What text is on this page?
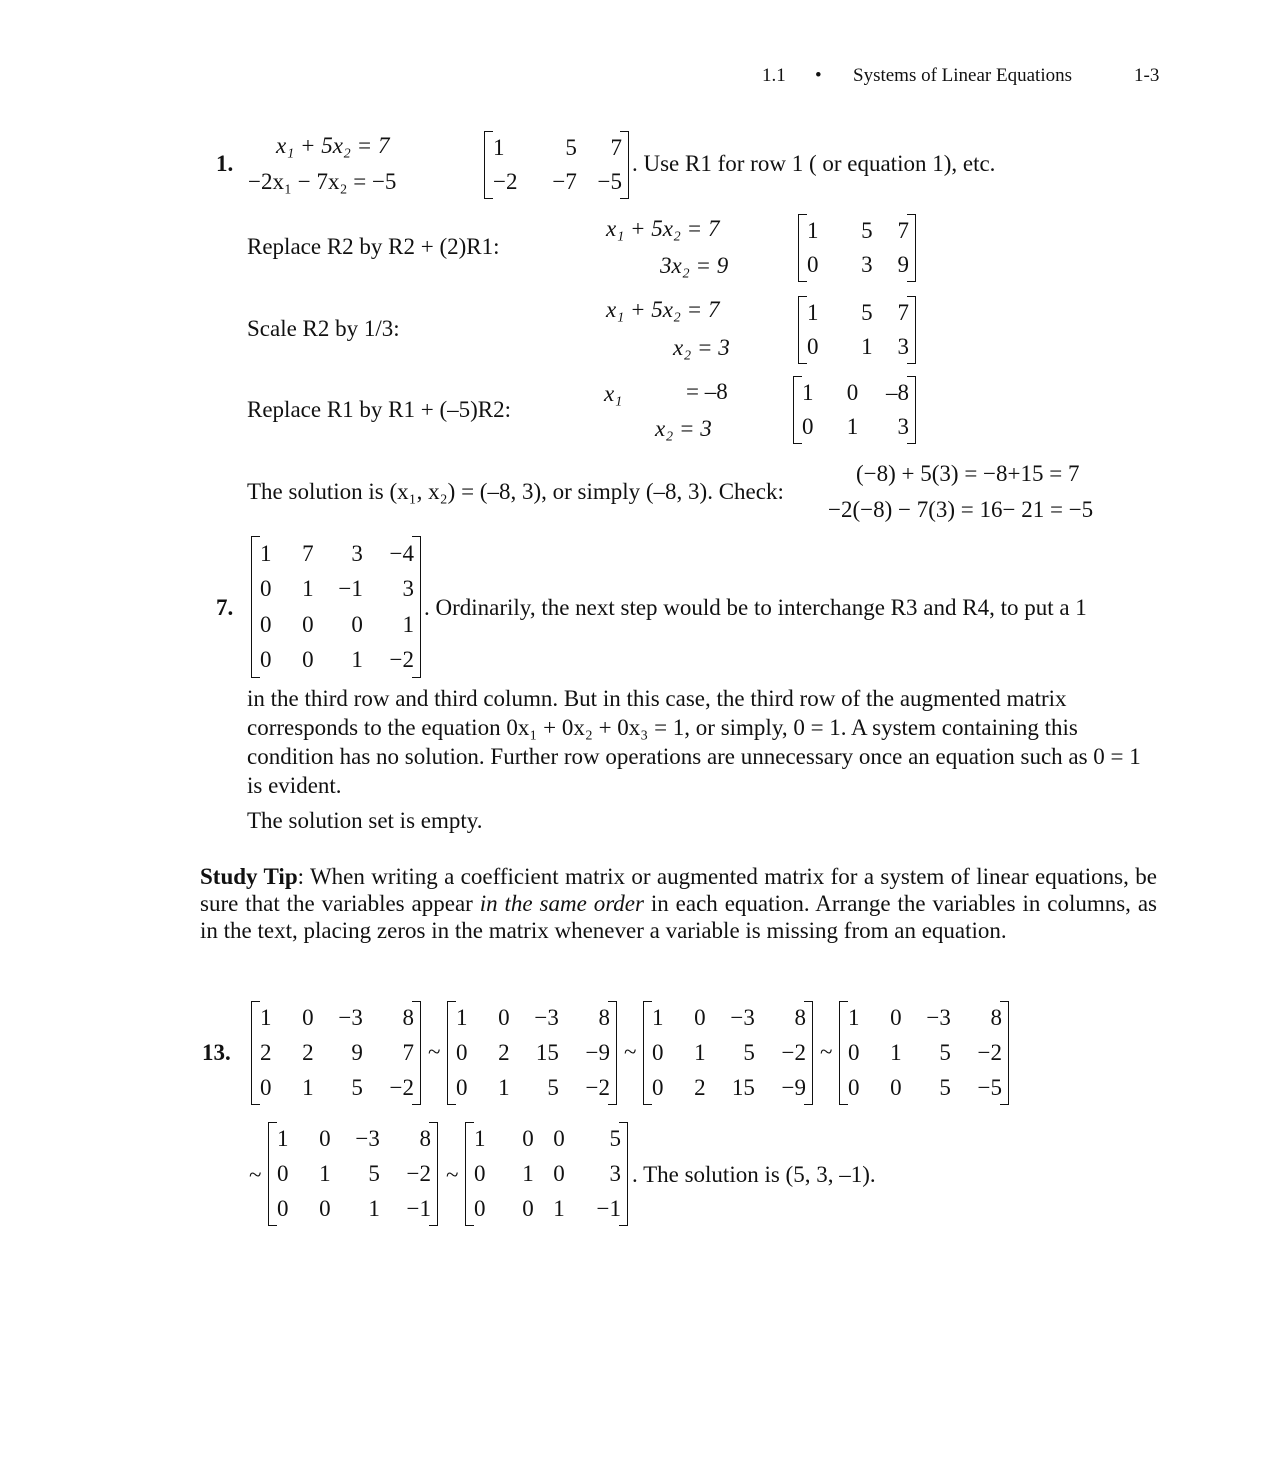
1.1 • Systems of Linear Equations	1-3
1.
x₁ + 5x₂ = 7
−2x₁ − 7x₂ = −5
1	5	7
−2	−7	−5
. Use R1 for row 1 ( or equation 1), etc.
Replace R2 by R2 + (2)R1:
x₁ + 5x₂ = 7
3x₂ = 9
1	5	7
0	3	9
Scale R2 by 1/3:
x₁ + 5x₂ = 7
x₂ = 3
1	5	7
0	1	3
Replace R1 by R1 + (–5)R2:
x₁	= –8
x₂ = 3
1	0	–8
0	1	3
The solution is (x₁, x₂) = (–8, 3), or simply (–8, 3). Check:
(−8) + 5(3) = −8+15 = 7
−2(−8) − 7(3) = 16− 21 = −5
7.
1	7	3	−4
0	1	−1	3
0	0	0	1
0	0	1	−2
. Ordinarily, the next step would be to interchange R3 and R4, to put a 1
in the third row and third column. But in this case, the third row of the augmented matrix corresponds to the equation 0x₁ + 0x₂ + 0x₃ = 1, or simply, 0 = 1. A system containing this condition has no solution. Further row operations are unnecessary once an equation such as 0 = 1 is evident.
The solution set is empty.
Study Tip: When writing a coefficient matrix or augmented matrix for a system of linear equations, be sure that the variables appear in the same order in each equation. Arrange the variables in columns, as in the text, placing zeros in the matrix whenever a variable is missing from an equation.
13.
1	0	−3	8
2	2	9	7
0	1	5	−2
~
1	0	−3	8
0	2	15	−9
0	1	5	−2
~
1	0	−3	8
0	1	5	−2
0	2	15	−9
~
1	0	−3	8
0	1	5	−2
0	0	5	−5
~
1	0	−3	8
0	1	5	−2
0	0	1	−1
~
1	0	0	5
0	1	0	3
0	0	1	−1
. The solution is (5, 3, –1).
